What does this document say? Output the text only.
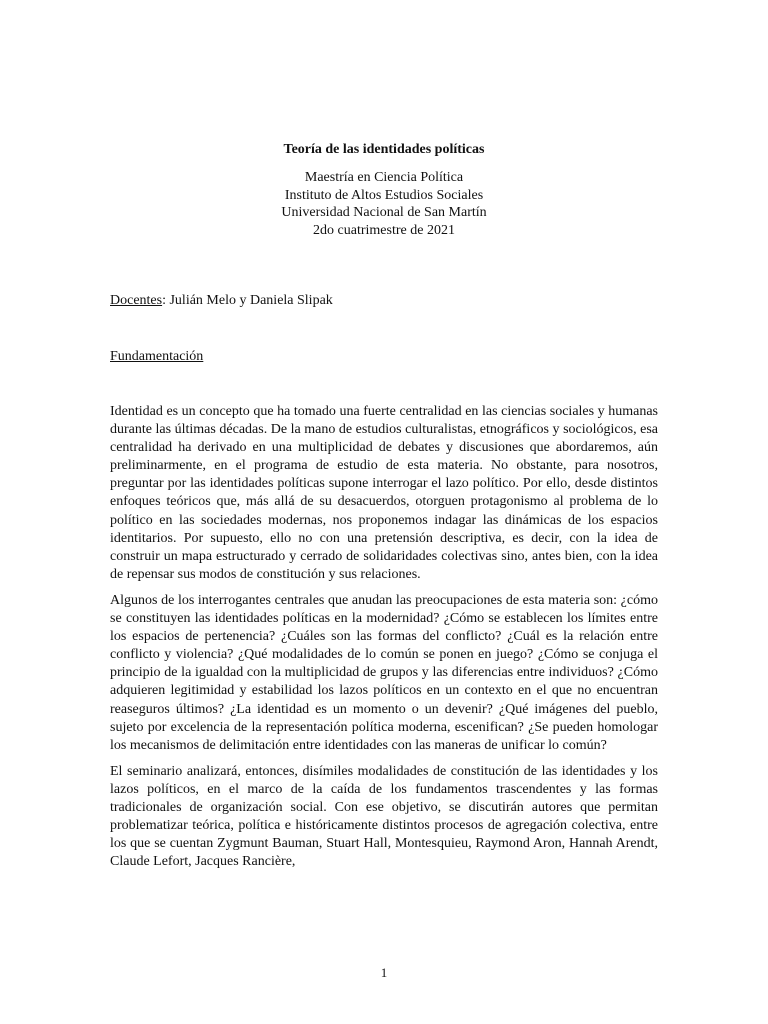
Teoría de las identidades políticas
Maestría en Ciencia Política
Instituto de Altos Estudios Sociales
Universidad Nacional de San Martín
2do cuatrimestre de 2021
Docentes: Julián Melo y Daniela Slipak
Fundamentación

Identidad es un concepto que ha tomado una fuerte centralidad en las ciencias sociales y humanas durante las últimas décadas. De la mano de estudios culturalistas, etnográficos y sociológicos, esa centralidad ha derivado en una multiplicidad de debates y discusiones que abordaremos, aún preliminarmente, en el programa de estudio de esta materia. No obstante, para nosotros, preguntar por las identidades políticas supone interrogar el lazo político. Por ello, desde distintos enfoques teóricos que, más allá de su desacuerdos, otorguen protagonismo al problema de lo político en las sociedades modernas, nos proponemos indagar las dinámicas de los espacios identitarios. Por supuesto, ello no con una pretensión descriptiva, es decir, con la idea de construir un mapa estructurado y cerrado de solidaridades colectivas sino, antes bien, con la idea de repensar sus modos de constitución y sus relaciones.

Algunos de los interrogantes centrales que anudan las preocupaciones de esta materia son: ¿cómo se constituyen las identidades políticas en la modernidad? ¿Cómo se establecen los límites entre los espacios de pertenencia? ¿Cuáles son las formas del conflicto? ¿Cuál es la relación entre conflicto y violencia? ¿Qué modalidades de lo común se ponen en juego? ¿Cómo se conjuga el principio de la igualdad con la multiplicidad de grupos y las diferencias entre individuos? ¿Cómo adquieren legitimidad y estabilidad los lazos políticos en un contexto en el que no encuentran reaseguros últimos? ¿La identidad es un momento o un devenir? ¿Qué imágenes del pueblo, sujeto por excelencia de la representación política moderna, escenifican? ¿Se pueden homologar los mecanismos de delimitación entre identidades con las maneras de unificar lo común?

El seminario analizará, entonces, disímiles modalidades de constitución de las identidades y los lazos políticos, en el marco de la caída de los fundamentos trascendentes y las formas tradicionales de organización social. Con ese objetivo, se discutirán autores que permitan problematizar teórica, política e históricamente distintos procesos de agregación colectiva, entre los que se cuentan Zygmunt Bauman, Stuart Hall, Montesquieu, Raymond Aron, Hannah Arendt, Claude Lefort, Jacques Rancière,

1
